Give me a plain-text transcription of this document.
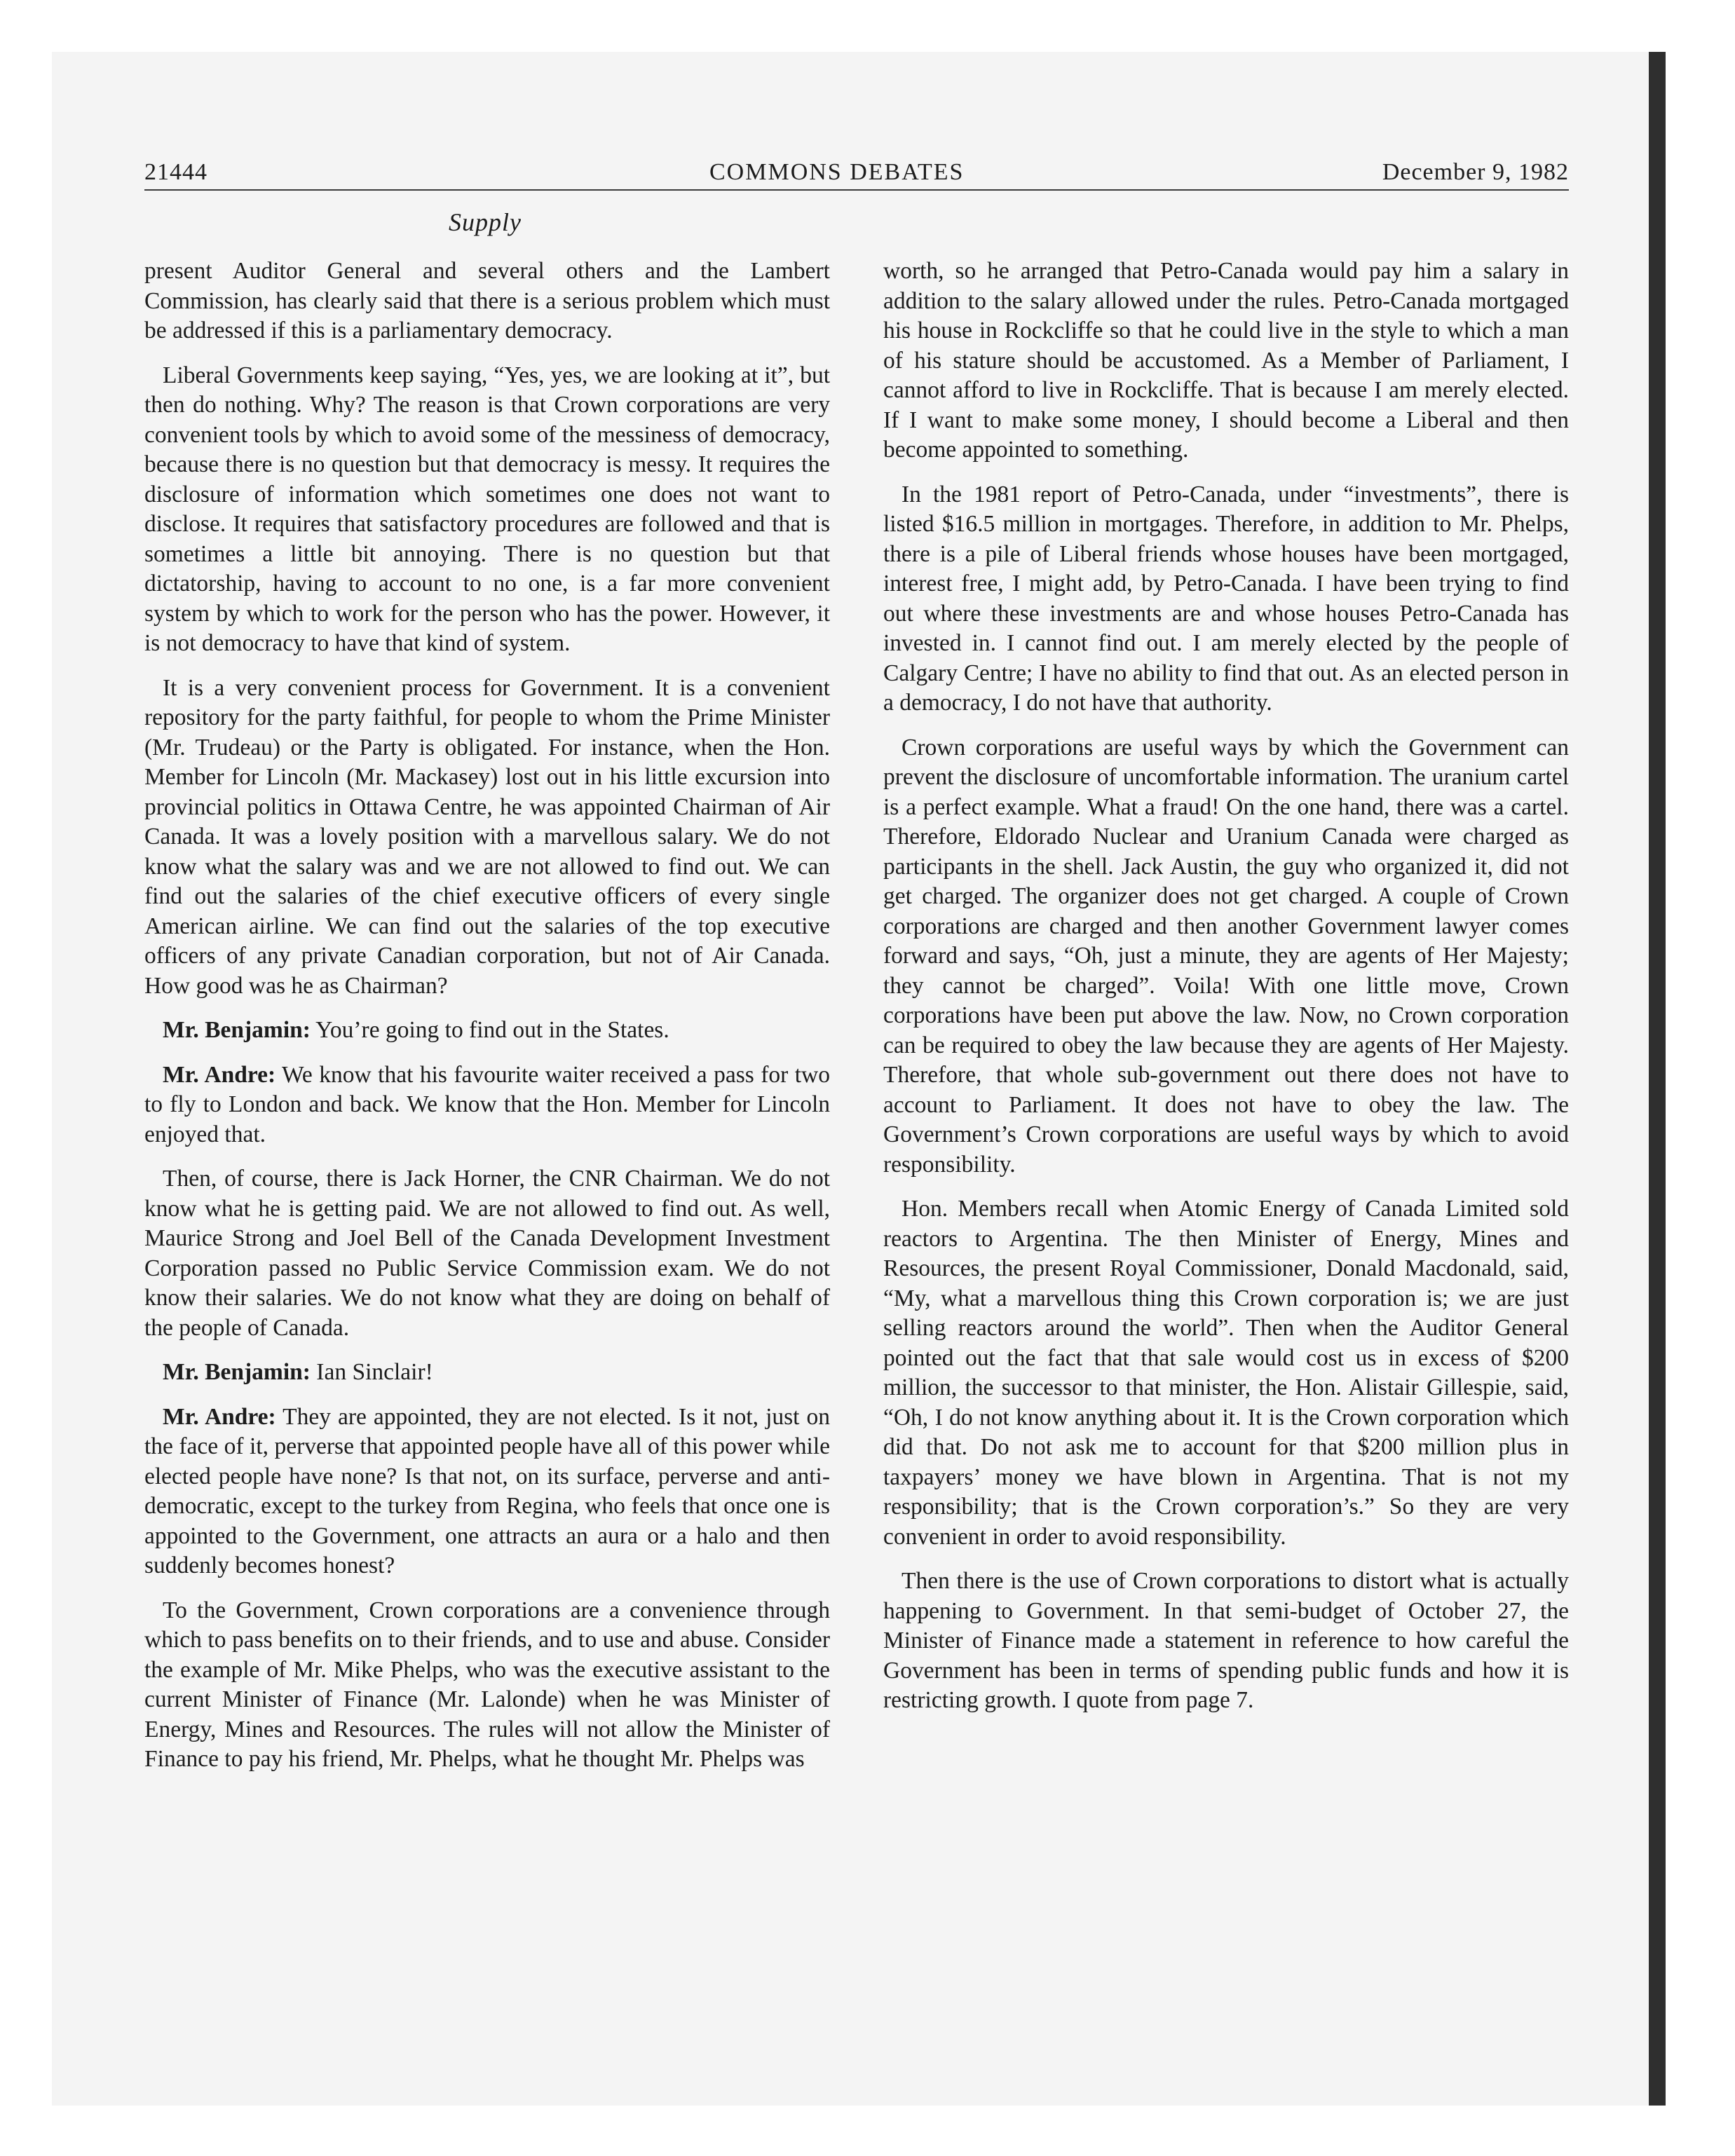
21444	COMMONS DEBATES	December 9, 1982
Supply

present Auditor General and several others and the Lambert Commission, has clearly said that there is a serious problem which must be addressed if this is a parliamentary democracy.

Liberal Governments keep saying, “Yes, yes, we are looking at it”, but then do nothing. Why? The reason is that Crown corporations are very convenient tools by which to avoid some of the messiness of democracy, because there is no question but that democracy is messy. It requires the disclosure of information which sometimes one does not want to disclose. It requires that satisfactory procedures are followed and that is sometimes a little bit annoying. There is no question but that dictatorship, having to account to no one, is a far more convenient system by which to work for the person who has the power. However, it is not democracy to have that kind of system.

It is a very convenient process for Government. It is a convenient repository for the party faithful, for people to whom the Prime Minister (Mr. Trudeau) or the Party is obligated. For instance, when the Hon. Member for Lincoln (Mr. Mackasey) lost out in his little excursion into provincial politics in Ottawa Centre, he was appointed Chairman of Air Canada. It was a lovely position with a marvellous salary. We do not know what the salary was and we are not allowed to find out. We can find out the salaries of the chief executive officers of every single American airline. We can find out the salaries of the top executive officers of any private Canadian corporation, but not of Air Canada. How good was he as Chairman?

Mr. Benjamin: You’re going to find out in the States.

Mr. Andre: We know that his favourite waiter received a pass for two to fly to London and back. We know that the Hon. Member for Lincoln enjoyed that.

Then, of course, there is Jack Horner, the CNR Chairman. We do not know what he is getting paid. We are not allowed to find out. As well, Maurice Strong and Joel Bell of the Canada Development Investment Corporation passed no Public Service Commission exam. We do not know their salaries. We do not know what they are doing on behalf of the people of Canada.

Mr. Benjamin: Ian Sinclair!

Mr. Andre: They are appointed, they are not elected. Is it not, just on the face of it, perverse that appointed people have all of this power while elected people have none? Is that not, on its surface, perverse and anti-democratic, except to the turkey from Regina, who feels that once one is appointed to the Government, one attracts an aura or a halo and then suddenly becomes honest?

To the Government, Crown corporations are a convenience through which to pass benefits on to their friends, and to use and abuse. Consider the example of Mr. Mike Phelps, who was the executive assistant to the current Minister of Finance (Mr. Lalonde) when he was Minister of Energy, Mines and Resources. The rules will not allow the Minister of Finance to pay his friend, Mr. Phelps, what he thought Mr. Phelps was

worth, so he arranged that Petro-Canada would pay him a salary in addition to the salary allowed under the rules. Petro-Canada mortgaged his house in Rockcliffe so that he could live in the style to which a man of his stature should be accustomed. As a Member of Parliament, I cannot afford to live in Rockcliffe. That is because I am merely elected. If I want to make some money, I should become a Liberal and then become appointed to something.

In the 1981 report of Petro-Canada, under “investments”, there is listed $16.5 million in mortgages. Therefore, in addition to Mr. Phelps, there is a pile of Liberal friends whose houses have been mortgaged, interest free, I might add, by Petro-Canada. I have been trying to find out where these investments are and whose houses Petro-Canada has invested in. I cannot find out. I am merely elected by the people of Calgary Centre; I have no ability to find that out. As an elected person in a democracy, I do not have that authority.

Crown corporations are useful ways by which the Government can prevent the disclosure of uncomfortable information. The uranium cartel is a perfect example. What a fraud! On the one hand, there was a cartel. Therefore, Eldorado Nuclear and Uranium Canada were charged as participants in the shell. Jack Austin, the guy who organized it, did not get charged. The organizer does not get charged. A couple of Crown corporations are charged and then another Government lawyer comes forward and says, “Oh, just a minute, they are agents of Her Majesty; they cannot be charged”. Voila! With one little move, Crown corporations have been put above the law. Now, no Crown corporation can be required to obey the law because they are agents of Her Majesty. Therefore, that whole sub-government out there does not have to account to Parliament. It does not have to obey the law. The Government’s Crown corporations are useful ways by which to avoid responsibility.

Hon. Members recall when Atomic Energy of Canada Limited sold reactors to Argentina. The then Minister of Energy, Mines and Resources, the present Royal Commissioner, Donald Macdonald, said, “My, what a marvellous thing this Crown corporation is; we are just selling reactors around the world”. Then when the Auditor General pointed out the fact that that sale would cost us in excess of $200 million, the successor to that minister, the Hon. Alistair Gillespie, said, “Oh, I do not know anything about it. It is the Crown corporation which did that. Do not ask me to account for that $200 million plus in taxpayers’ money we have blown in Argentina. That is not my responsibility; that is the Crown corporation’s.” So they are very convenient in order to avoid responsibility.

Then there is the use of Crown corporations to distort what is actually happening to Government. In that semi-budget of October 27, the Minister of Finance made a statement in reference to how careful the Government has been in terms of spending public funds and how it is restricting growth. I quote from page 7.
